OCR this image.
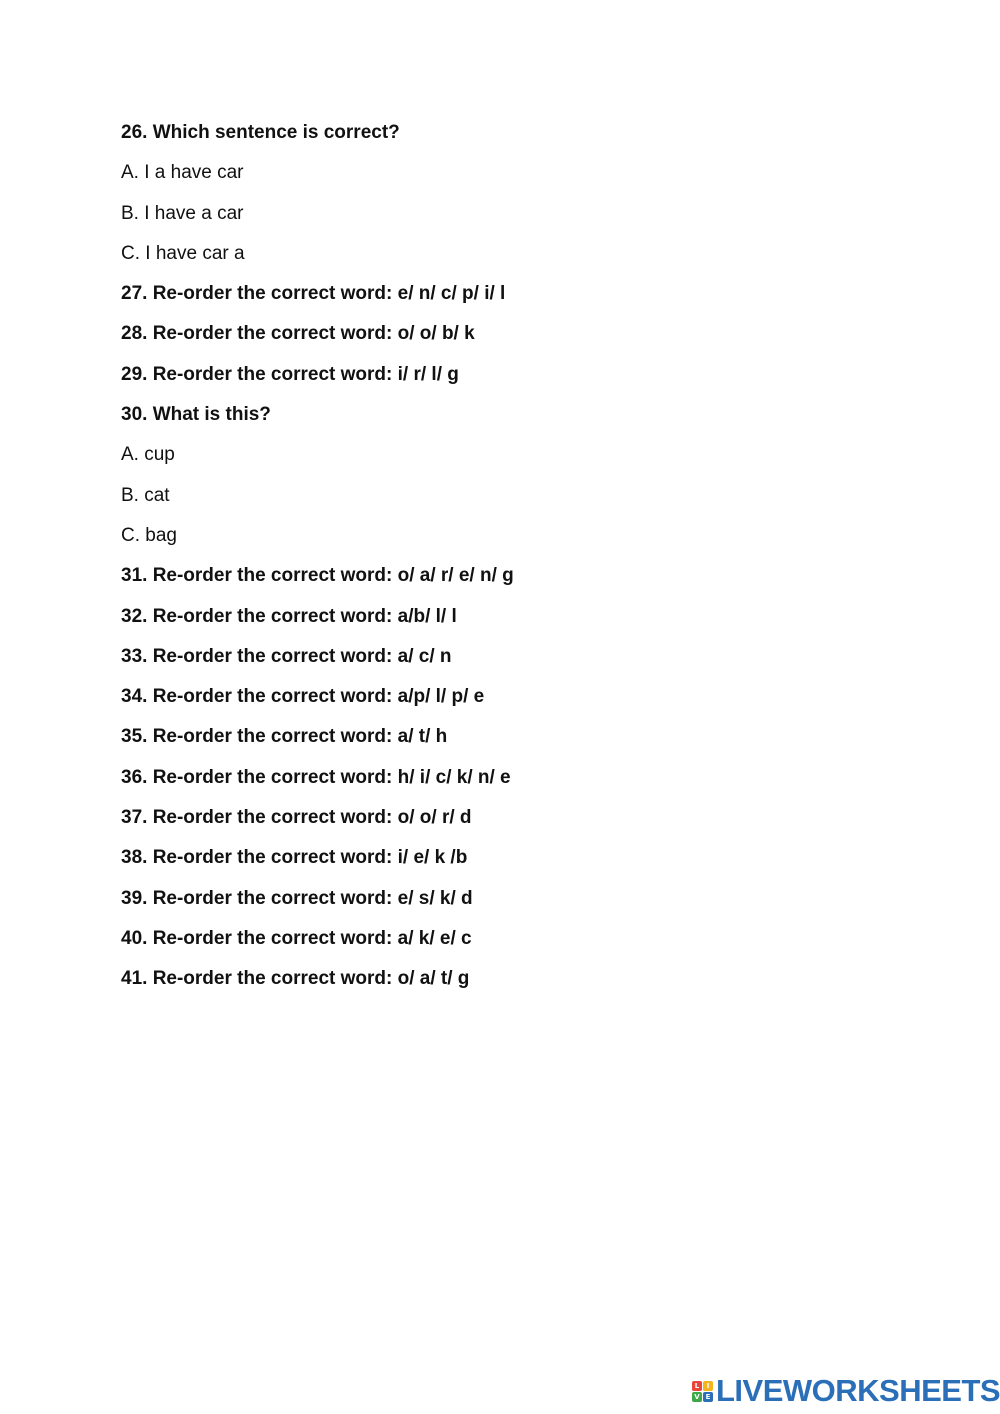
26. Which sentence is correct?
A. I a have car
B. I have a car
C. I have car a
27. Re-order the correct word: e/ n/ c/ p/ i/ l
28. Re-order the correct word: o/ o/ b/ k
29. Re-order the correct word: i/ r/ l/ g
30. What is this?
A. cup
B. cat
C. bag
31. Re-order the correct word: o/ a/ r/ e/ n/ g
32. Re-order the correct word: a/b/ l/ l
33. Re-order the correct word: a/ c/ n
34. Re-order the correct word: a/p/ l/ p/ e
35. Re-order the correct word: a/ t/ h
36. Re-order the correct word: h/ i/ c/ k/ n/ e
37. Re-order the correct word: o/ o/ r/ d
38. Re-order the correct word: i/ e/ k /b
39. Re-order the correct word: e/ s/ k/ d
40. Re-order the correct word: a/ k/ e/ c
41. Re-order the correct word: o/ a/ t/ g
L	I
V E LIVEWORKSHEETS
